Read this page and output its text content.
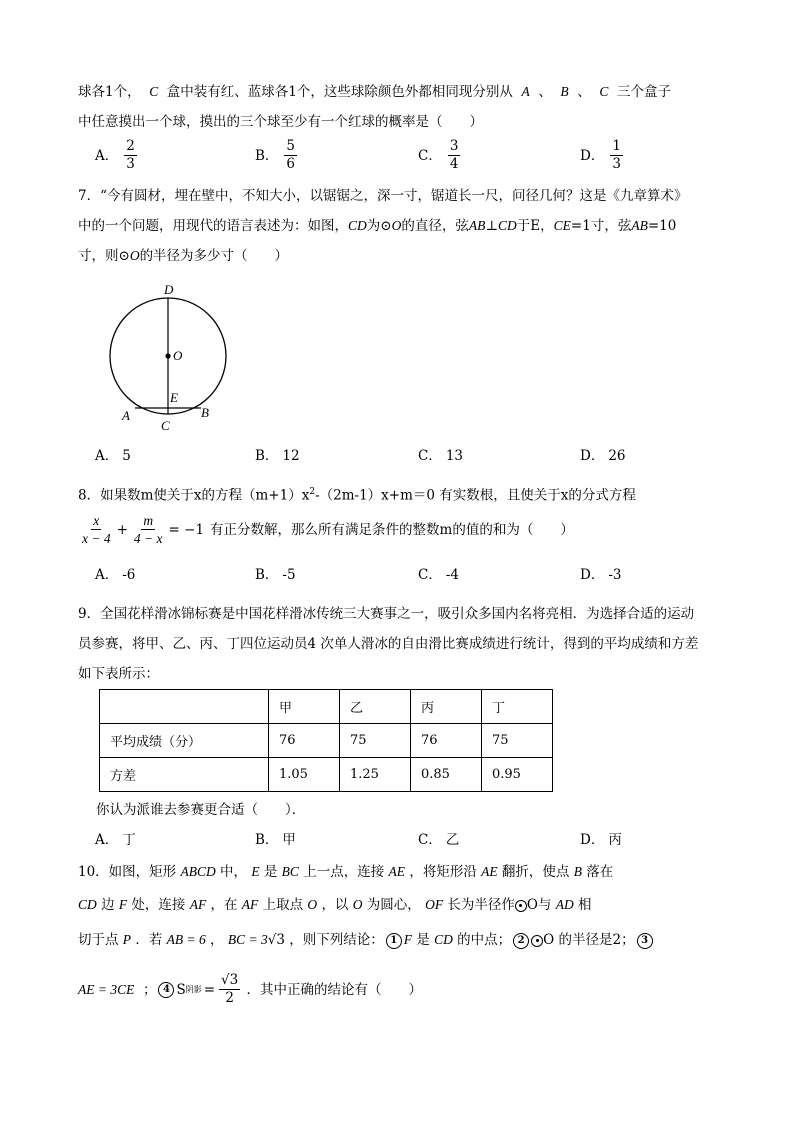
球各1个， C 盒中装有红、蓝球各1个，这些球除颜色外都相同现分别从 A 、 B 、 C 三个盒子
中任意摸出一个球，摸出的三个球至少有一个红球的概率是（　　）
A． $\frac{2}{3}$	B． $\frac{5}{6}$	C． $\frac{3}{4}$	D． $\frac{1}{3}$
7．“今有圆材，埋在壁中，不知大小，以锯锯之，深一寸，锯道长一尺，问径几何？这是《九章算术》
中的一个问题，用现代的语言表述为：如图，CD为⊙O的直径，弦AB⊥CD于E，CE=1寸，弦AB=10
寸，则⊙O的半径为多少寸（　　）
D
O
E
A	B
C
A． 5	B． 12	C． 13	D． 26
8．如果数m使关于x的方程$(m+1)x^2-(2m-1)x+m=0$ 有实数根，且使关于x的分式方程
$\frac{x}{x - 4} + \frac{m}{4 - x} = -1$ 有正分数解，那么所有满足条件的整数m的值的和为（　　）
A． -6	B． -5	C． -4	D． -3
9．全国花样滑冰锦标赛是中国花样滑冰传统三大赛事之一，吸引众多国内名将亮相．为选择合适的运动
员参赛，将甲、乙、丙、丁四位运动员4 次单人滑冰的自由滑比赛成绩进行统计，得到的平均成绩和方差
如下表所示：
	甲	乙	丙	丁
平均成绩（分）	76	75	76	75
方差	1.05	1.25	0.85	0.95
你认为派谁去参赛更合适（　　）．
A． 丁	B． 甲	C． 乙	D． 丙
10．如图，矩形 ABCD 中， E 是 BC 上一点，连接 AE ，将矩形沿 AE 翻折，使点 B 落在
CD 边 F 处，连接 AF ，在 AF 上取点 O ，以 O 为圆心， OF 长为半径作 O与 AD 相
切于点 P ．若 AB = 6 ， BC = 3√3 ，则下列结论： 1 F 是 CD 的中点； 2 O 的半径是2； 3
AE = 3CE
； 4 S 阴影 = $\frac{√3}{2}$
．其中正确的结论有（　　）
